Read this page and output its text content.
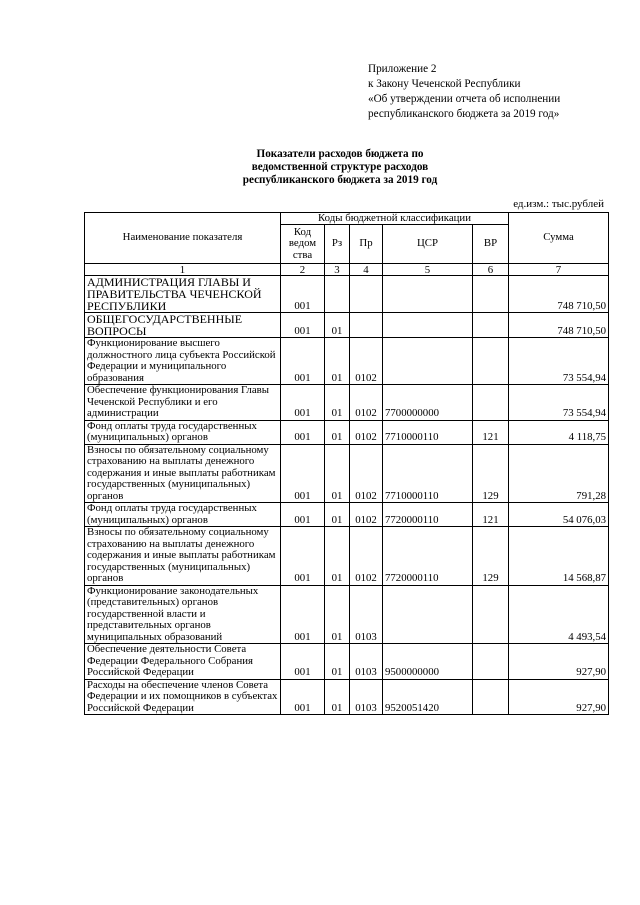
Приложение 2
к Закону Чеченской Республики
«Об утверждении отчета об исполнении
республиканского бюджета за 2019 год»
Показатели расходов бюджета по
ведомственной структуре расходов
республиканского бюджета за 2019 год
ед.изм.: тыс.рублей
Наименование показателя	Коды бюджетной классификации					Сумма

	Код
ведом
ства	Рз	Пр	ЦСР	ВР	
1	2	3	4	5	6	7
АДМИНИСТРАЦИЯ ГЛАВЫ И ПРАВИТЕЛЬСТВА ЧЕЧЕНСКОЙ РЕСПУБЛИКИ	001					748 710,50
ОБЩЕГОСУДАРСТВЕННЫЕ ВОПРОСЫ	001	01				748 710,50
Функционирование высшего должностного лица субъекта Российской Федерации и муниципального образования	001	01	0102			73 554,94
Обеспечение функционирования Главы Чеченской Республики и его администрации	001	01	0102	7700000000		73 554,94
Фонд оплаты труда государственных (муниципальных) органов	001	01	0102	7710000110	121	4 118,75
Взносы по обязательному социальному страхованию на выплаты денежного содержания и иные выплаты работникам государственных (муниципальных) органов	001	01	0102	7710000110	129	791,28
Фонд оплаты труда государственных (муниципальных) органов	001	01	0102	7720000110	121	54 076,03
Взносы по обязательному социальному страхованию на выплаты денежного содержания и иные выплаты работникам государственных (муниципальных) органов	001	01	0102	7720000110	129	14 568,87
Функционирование законодательных (представительных) органов государственной власти и представительных органов муниципальных образований	001	01	0103			4 493,54
Обеспечение деятельности Совета Федерации Федерального Собрания Российской Федерации	001	01	0103	9500000000		927,90
Расходы на обеспечение членов Совета Федерации и их помощников в субъектах Российской Федерации	001	01	0103	9520051420		927,90
